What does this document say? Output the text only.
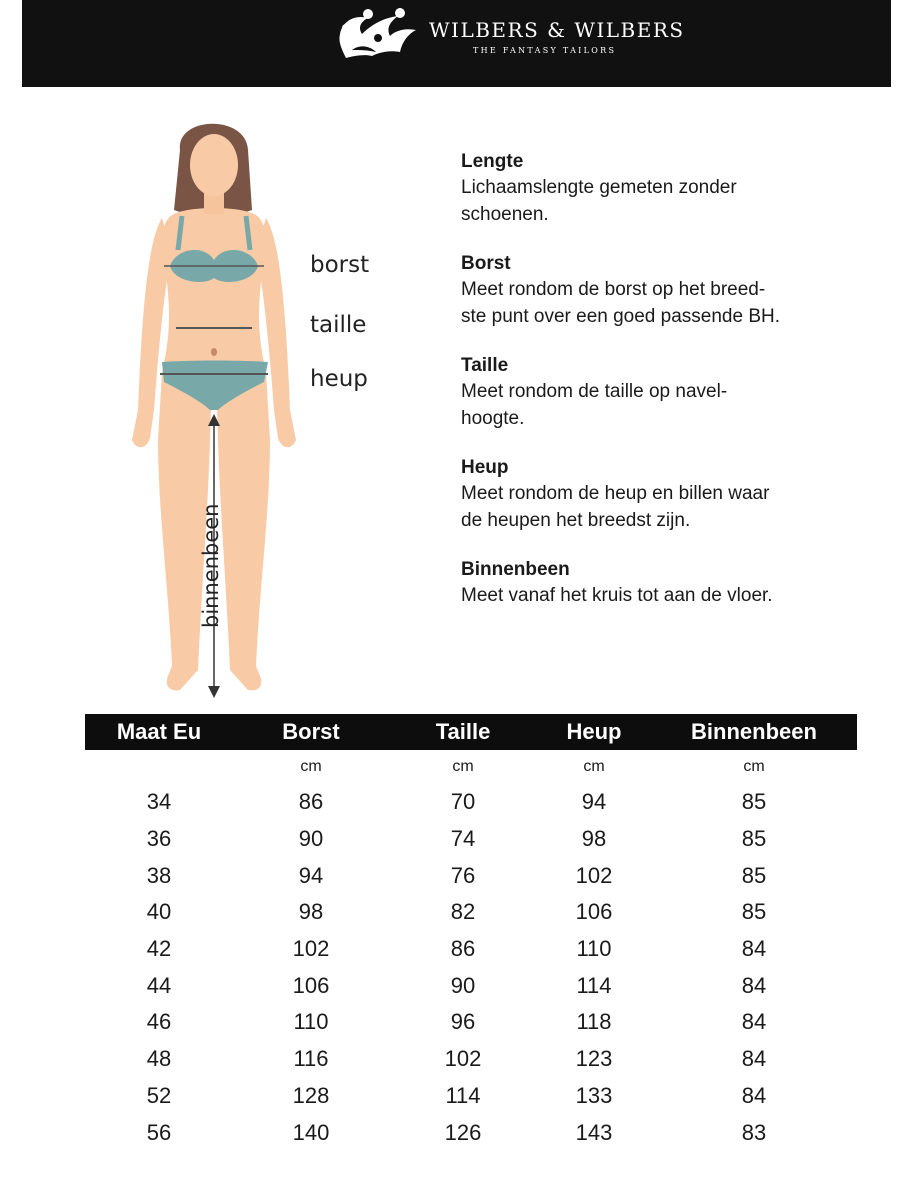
WILBERS & WILBERS
THE FANTASY TAILORS
borst
taille
heup
binnenbeen
Lengte
Lichaamslengte gemeten zonder
schoenen.
Borst
Meet rondom de borst op het breed-
ste punt over een goed passende BH.
Taille
Meet rondom de taille op navel-
hoogte.
Heup
Meet rondom de heup en billen waar
de heupen het breedst zijn.
Binnenbeen
Meet vanaf het kruis tot aan de vloer.
Maat Eu	Borst	Taille	Heup	Binnenbeen
	cm	cm	cm	cm
34	86	70	94	85
36	90	74	98	85
38	94	76	102	85
40	98	82	106	85
42	102	86	110	84
44	106	90	114	84
46	110	96	118	84
48	116	102	123	84
52	128	114	133	84
56	140	126	143	83
